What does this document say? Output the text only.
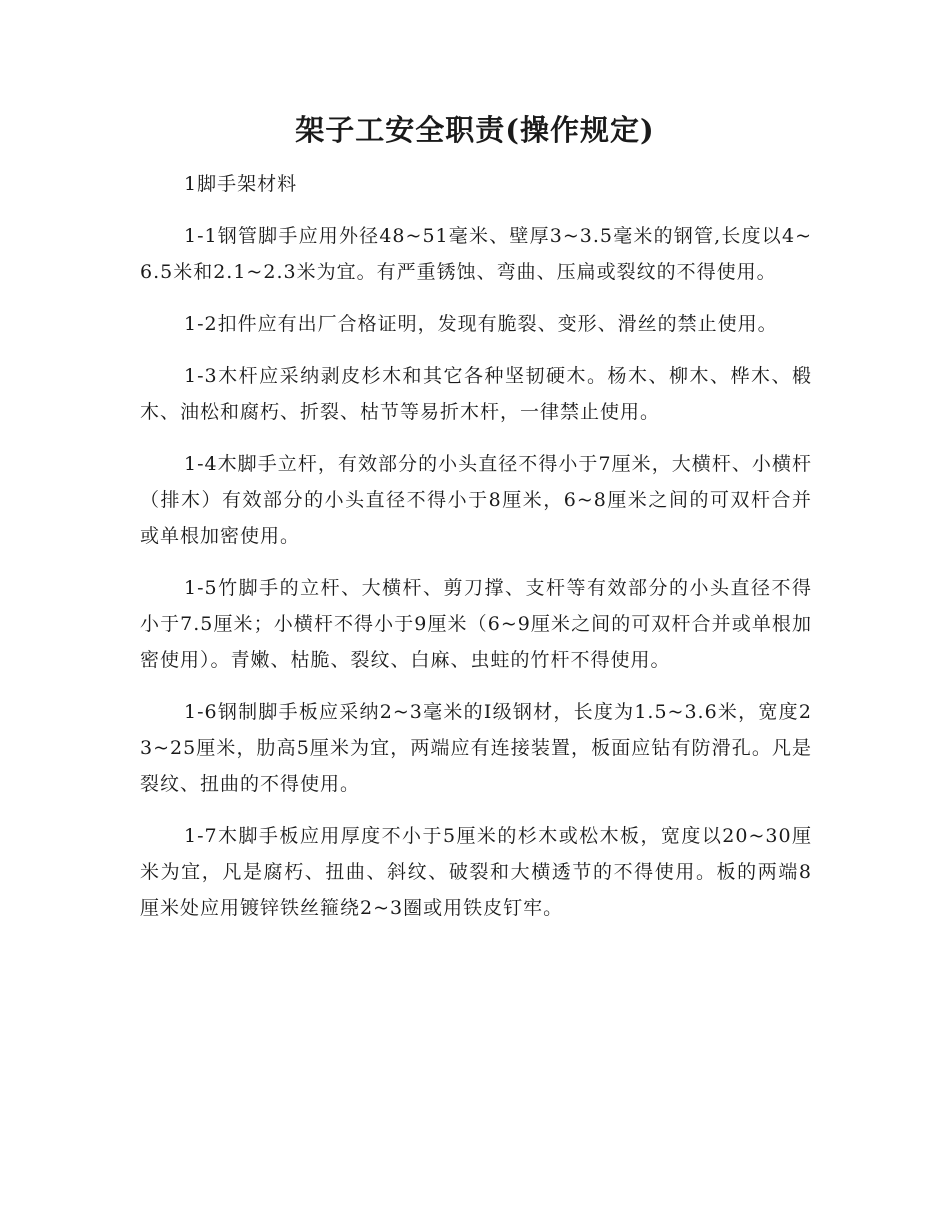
架子工安全职责(操作规定)

1脚手架材料

1-1钢管脚手应用外径48~51毫米、壁厚3~3.5毫米的钢管,长度以4~6.5米和2.1~2.3米为宜。有严重锈蚀、弯曲、压扁或裂纹的不得使用。

1-2扣件应有出厂合格证明，发现有脆裂、变形、滑丝的禁止使用。

1-3木杆应采纳剥皮杉木和其它各种坚韧硬木。杨木、柳木、桦木、椴木、油松和腐朽、折裂、枯节等易折木杆，一律禁止使用。

1-4木脚手立杆，有效部分的小头直径不得小于7厘米，大横杆、小横杆（排木）有效部分的小头直径不得小于8厘米，6~8厘米之间的可双杆合并或单根加密使用。

1-5竹脚手的立杆、大横杆、剪刀撑、支杆等有效部分的小头直径不得小于7.5厘米；小横杆不得小于9厘米（6~9厘米之间的可双杆合并或单根加密使用）。青嫩、枯脆、裂纹、白麻、虫蛀的竹杆不得使用。

1-6钢制脚手板应采纳2~3毫米的Ⅰ级钢材，长度为1.5~3.6米，宽度23~25厘米，肋高5厘米为宜，两端应有连接装置，板面应钻有防滑孔。凡是裂纹、扭曲的不得使用。

1-7木脚手板应用厚度不小于5厘米的杉木或松木板，宽度以20~30厘米为宜，凡是腐朽、扭曲、斜纹、破裂和大横透节的不得使用。板的两端8厘米处应用镀锌铁丝箍绕2~3圈或用铁皮钉牢。
